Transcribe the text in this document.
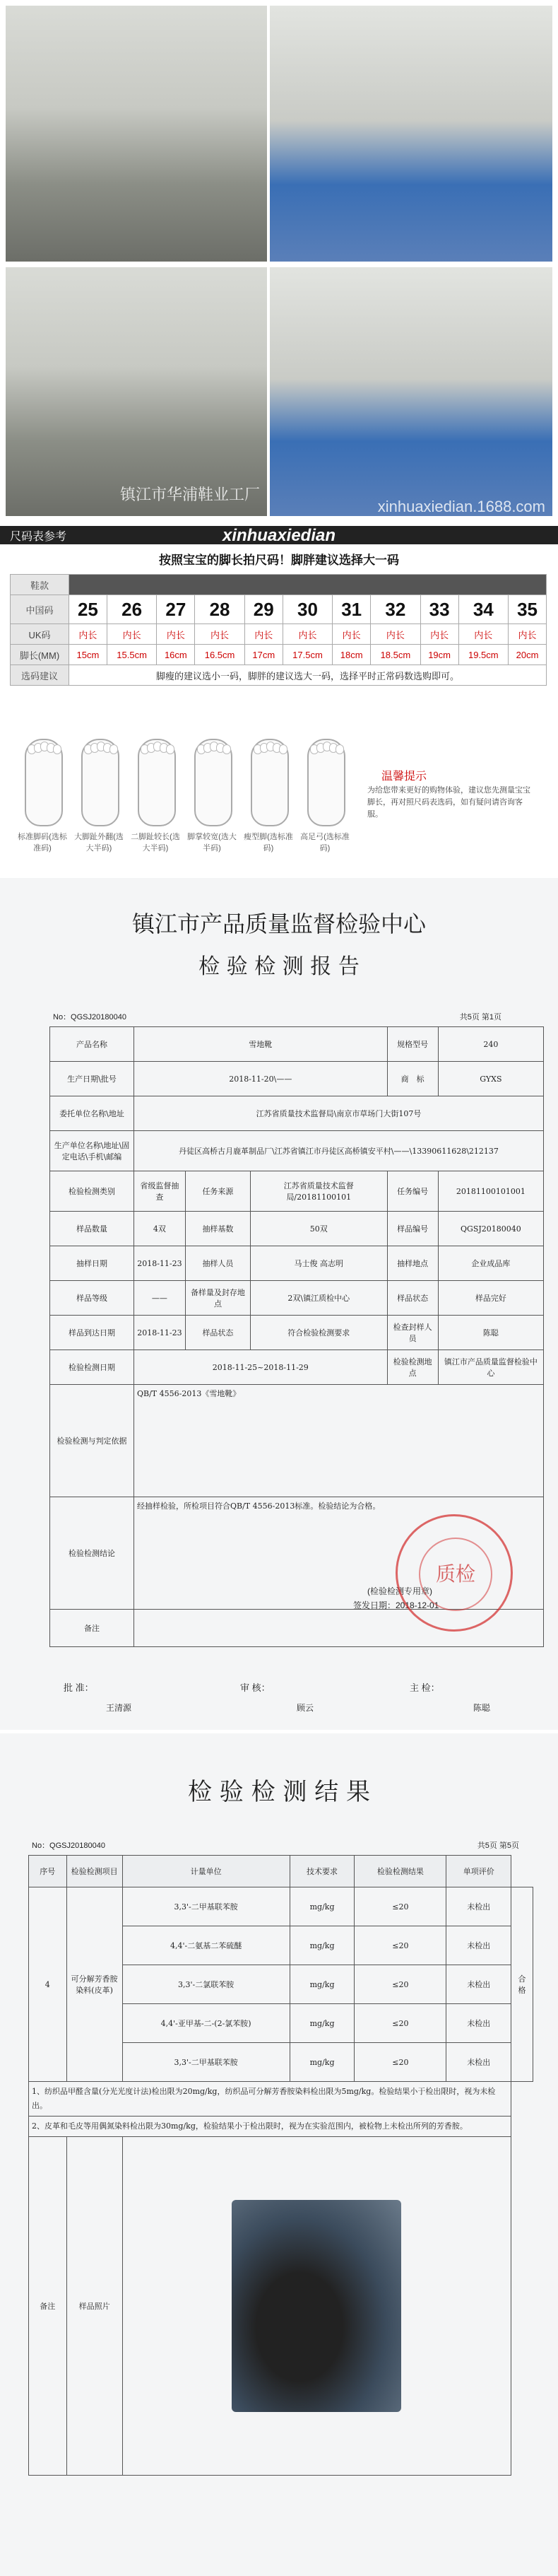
镇江市华浦鞋业工厂
xinhuaxiedian.1688.com
尺码表参考	xinhuaxiedian
按照宝宝的脚长拍尺码！脚胖建议选择大一码
鞋款											
中国码	25	26	27	28	29	30	31	32	33	34	35
UK码	内长	内长	内长	内长	内长	内长	内长	内长	内长	内长	内长
脚长(MM)	15cm	15.5cm	16cm	16.5cm	17cm	17.5cm	18cm	18.5cm	19cm	19.5cm	20cm
选码建议	脚瘦的建议选小一码，脚胖的建议选大一码，选择平时正常码数选购即可。										
温馨提示
为给您带来更好的购物体验，建议您先测量宝宝脚长，再对照尺码表选码，如有疑问请咨询客服。
镇江市产品质量监督检验中心
检 验 检 测 报 告
No：QGSJ20180040	共5页 第1页
产品名称	雪地靴			规格型号	240
生产日期\批号	2018-11-20\——			商　标	GYXS
委托单位名称\地址	江苏省质量技术监督局\南京市草场门大街107号				
生产单位名称\地址\固定电话\手机\邮编	丹徒区高桥古月鹿革制品厂\江苏省镇江市丹徒区高桥镇安平村\——\13390611628\212137				
检验检测类别	省级监督抽查	任务来源	江苏省质量技术监督局/20181100101	任务编号	20181100101001
样品数量	4双	抽样基数	50双	样品编号	QGSJ20180040
抽样日期	2018-11-23	抽样人员	马士俊 高志明	抽样地点	企业成品库
样品等级	——	备样量及封存地点	2双\镇江质检中心	样品状态	样品完好
样品到达日期	2018-11-23	样品状态	符合检验检测要求	检查封样人员	陈聪
检验检测日期	2018-11-25~2018-11-29			检验检测地点	镇江市产品质量监督检验中心
检验检测与判定依据	QB/T 4556-2013《雪地靴》				
检验检测结论	经抽样检验，所检项目符合QB/T 4556-2013标准。检验结论为合格。				
备注					
(检验检测专用章)
签发日期：2018-12-01
质检
批 准：
王清源
审 核：
顾云
主 检：
陈聪
检 验 检 测 结 果
No：QGSJ20180040	共5页 第5页
序号	检验检测项目	计量单位	技术要求	检验检测结果	单项评价	
4	可分解芳香胺染料(皮革)	3,3'-二甲基联苯胺	mg/kg	≤20	未检出	合格
		4,4'-二氨基二苯硫醚	mg/kg	≤20	未检出	
		3,3'-二氯联苯胺	mg/kg	≤20	未检出	
		4,4'-亚甲基-二-(2-氯苯胺)	mg/kg	≤20	未检出	
		3,3'-二甲基联苯胺	mg/kg	≤20	未检出	
1、纺织品甲醛含量(分光光度计法)检出限为20mg/kg，纺织品可分解芳香胺染料检出限为5mg/kg。检验结果小于检出限时，视为未检出。						
2、皮革和毛皮等用偶氮染料检出限为30mg/kg，检验结果小于检出限时，视为在实验范围内，被检物上未检出所列的芳香胺。						
备注	样品照片					
标准脚码(选标准码)
大脚趾外翻(选大半码)
二脚趾较长(选大半码)
脚掌较宽(选大半码)
瘦型脚(选标准码)
高足弓(选标准码)
